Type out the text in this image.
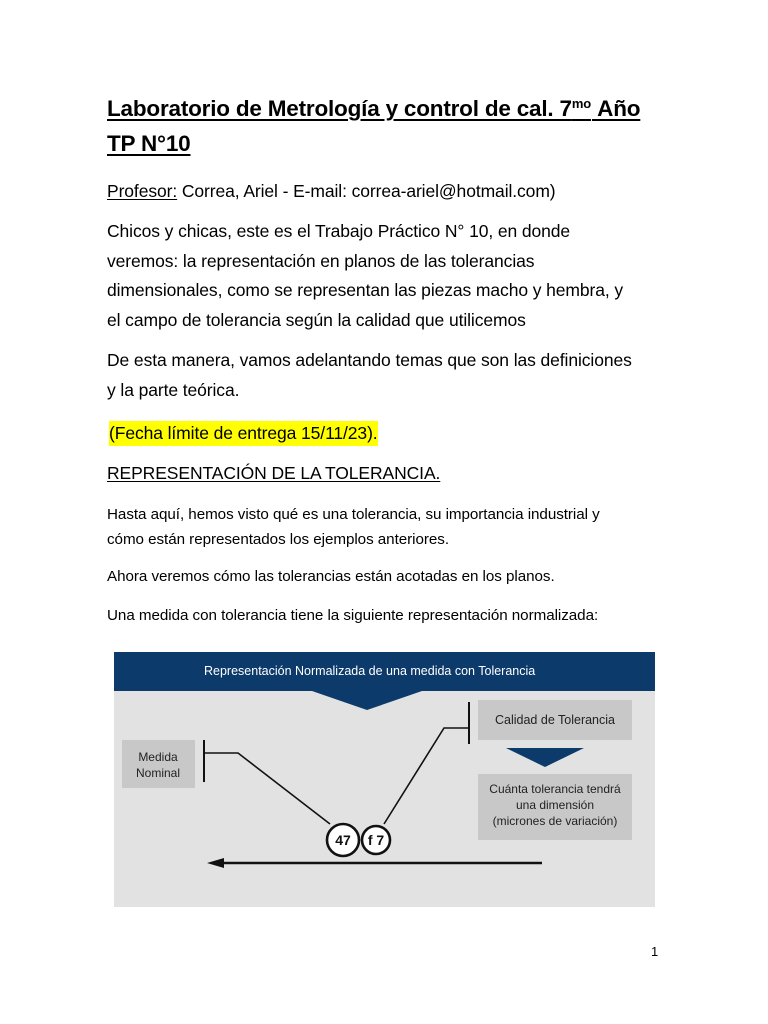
Laboratorio de Metrología y control de cal. $7^{mo}$ Año
TP N°10
Profesor: Correa, Ariel - E-mail: correa-ariel@hotmail.com)
Chicos y chicas, este es el Trabajo Práctico N° 10, en donde
veremos: la representación en planos de las tolerancias
dimensionales, como se representan las piezas macho y hembra, y
el campo de tolerancia según la calidad que utilicemos
De esta manera, vamos adelantando temas que son las definiciones
y la parte teórica.
(Fecha límite de entrega 15/11/23).
REPRESENTACIÓN DE LA TOLERANCIA.
Hasta aquí, hemos visto qué es una tolerancia, su importancia industrial y
cómo están representados los ejemplos anteriores.
Ahora veremos cómo las tolerancias están acotadas en los planos.
Una medida con tolerancia tiene la siguiente representación normalizada:
Representación Normalizada de una medida con Tolerancia
Medida
Nominal
Calidad de Tolerancia
Cuánta tolerancia tendrá
una dimensión
(micrones de variación)
47 f 7
1
